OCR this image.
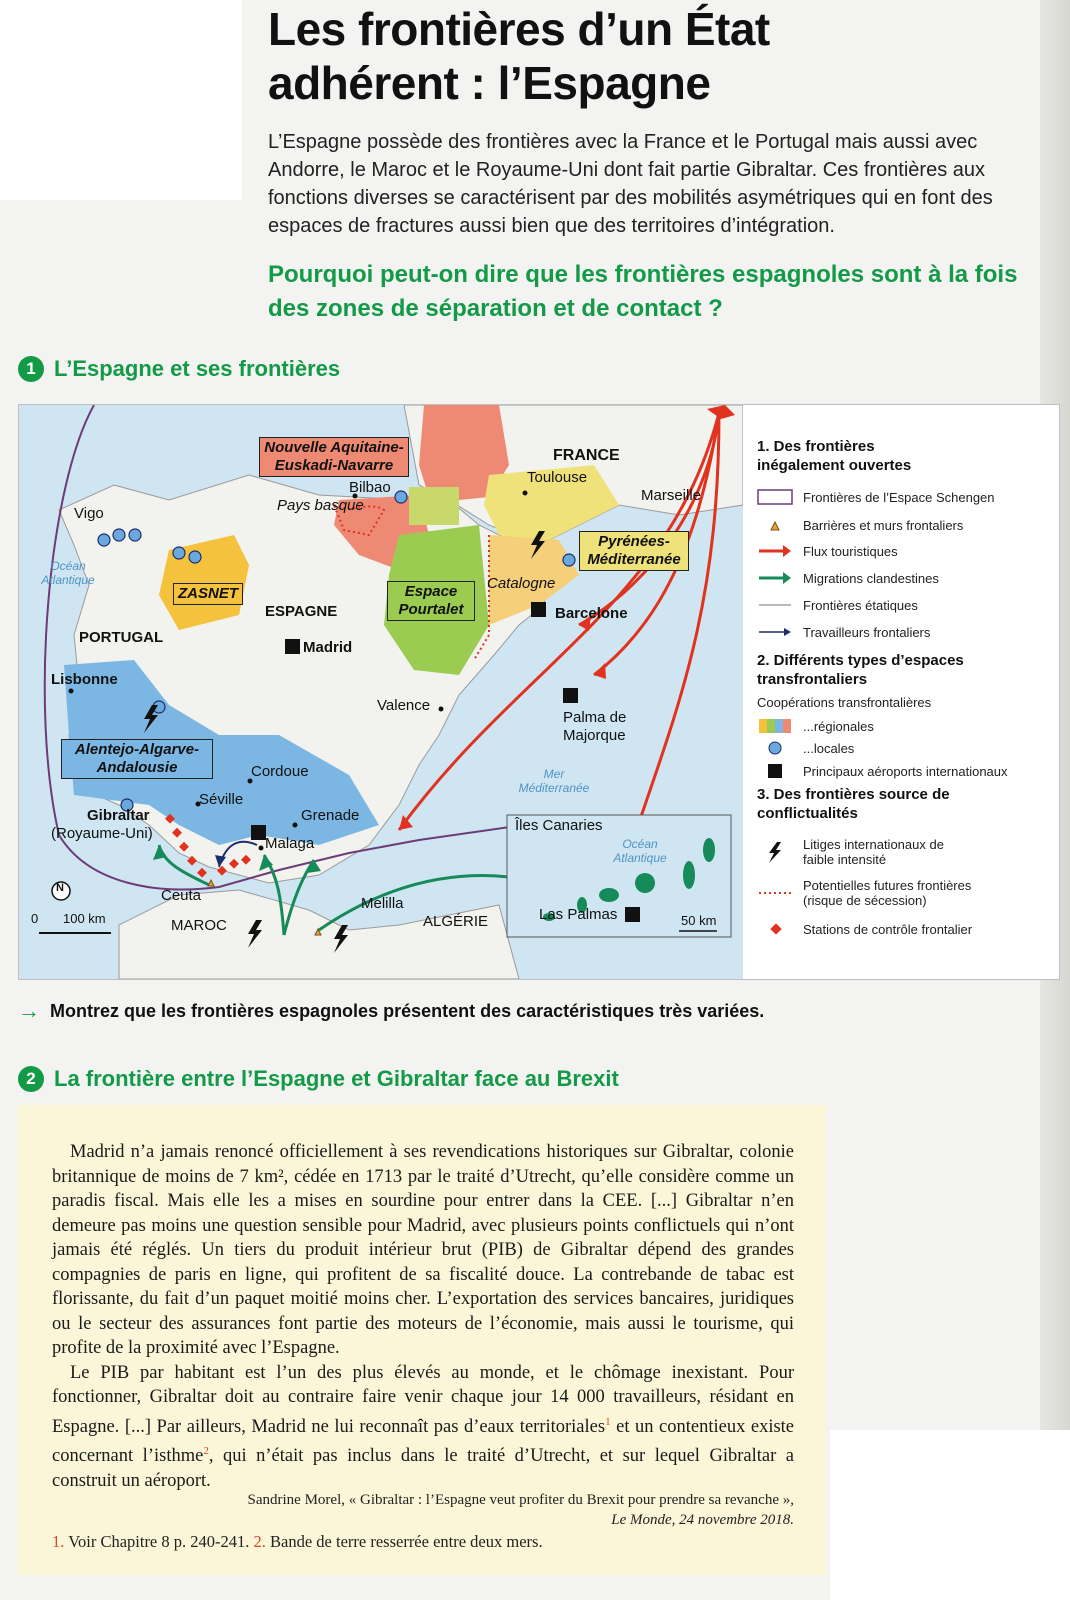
Les frontières d’un État
adhérent : l’Espagne

L’Espagne possède des frontières avec la France et le Portugal mais aussi avec Andorre, le Maroc et le Royaume-Uni dont fait partie Gibraltar. Ces frontières aux fonctions diverses se caractérisent par des mobilités asymétriques qui en font des espaces de fractures aussi bien que des territoires d’intégration.

Pourquoi peut-on dire que les frontières espagnoles sont à la fois des zones de séparation et de contact ?

1 L’Espagne et ses frontières
FRANCE
ESPAGNE
PORTUGAL
MAROC	ALGÉRIE
Vigo
Bilbao
Toulouse
Marseille
Madrid
Barcelone
Lisbonne
Valence
Palma de Majorque
Cordoue
Séville
Grenade
Malaga
Gibraltar
(Royaume-Uni)
Ceuta	Melilla
Las Palmas
Pays basque
Catalogne
Nouvelle Aquitaine-Euskadi-Navarre
ZASNET	Espace Pourtalet
Pyrénées-Méditerranée
Alentejo-Algarve-Andalousie
Océan Atlantique
Mer Méditerranée
Océan Atlantique
Îles Canaries
0 100 km	50 km
N
1. Des frontières inégalement ouvertes
Frontières de l’Espace Schengen
Barrières et murs frontaliers
Flux touristiques
Migrations clandestines
Frontières étatiques
Travailleurs frontaliers
2. Différents types d’espaces transfrontaliers
Coopérations transfrontalières
...régionales
...locales
Principaux aéroports internationaux
3. Des frontières source de conflictualités
Litiges internationaux de faible intensité
Potentielles futures frontières (risque de sécession)
Stations de contrôle frontalier
→ Montrez que les frontières espagnoles présentent des caractéristiques très variées.
2 La frontière entre l’Espagne et Gibraltar face au Brexit

Madrid n’a jamais renoncé officiellement à ses revendications historiques sur Gibraltar, colonie britannique de moins de 7 km², cédée en 1713 par le traité d’Utrecht, qu’elle considère comme un paradis fiscal. Mais elle les a mises en sourdine pour entrer dans la CEE. [...] Gibraltar n’en demeure pas moins une question sensible pour Madrid, avec plusieurs points conflictuels qui n’ont jamais été réglés. Un tiers du produit intérieur brut (PIB) de Gibraltar dépend des grandes compagnies de paris en ligne, qui profitent de sa fiscalité douce. La contrebande de tabac est florissante, du fait d’un paquet moitié moins cher. L’exportation des services bancaires, juridiques ou le secteur des assurances font partie des moteurs de l’économie, mais aussi le tourisme, qui profite de la proximité avec l’Espagne.

Le PIB par habitant est l’un des plus élevés au monde, et le chômage inexistant. Pour fonctionner, Gibraltar doit au contraire faire venir chaque jour 14 000 travailleurs, résidant en Espagne. [...] Par ailleurs, Madrid ne lui reconnaît pas d’eaux territoriales$^1$ et un contentieux existe concernant l’isthme$^2$, qui n’était pas inclus dans le traité d’Utrecht, et sur lequel Gibraltar a construit un aéroport.

Sandrine Morel, « Gibraltar : l’Espagne veut profiter du Brexit pour prendre sa revanche »,
Le Monde, 24 novembre 2018.
1. Voir Chapitre 8 p. 240-241. 2. Bande de terre resserrée entre deux mers.
